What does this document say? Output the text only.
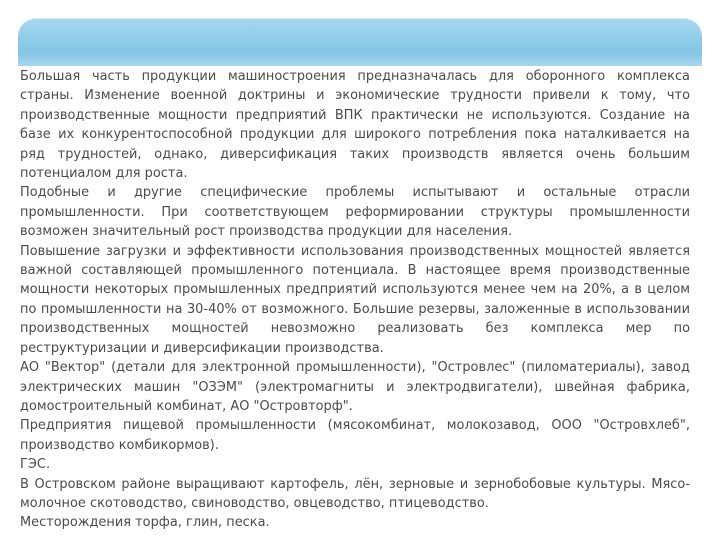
Большая часть продукции машиностроения предназначалась для оборонного комплекса страны. Изменение военной доктрины и экономические трудности привели к тому, что производственные мощности предприятий ВПК практически не используются. Создание на базе их конкурентоспособной продукции для широкого потребления пока наталкивается на ряд трудностей, однако, диверсификация таких производств является очень большим потенциалом для роста.

Подобные и другие специфические проблемы испытывают и остальные отрасли промышленности. При соответствующем реформировании структуры промышленности возможен значительный рост производства продукции для населения.

Повышение загрузки и эффективности использования производственных мощностей является важной составляющей промышленного потенциала. В настоящее время производственные мощности некоторых промышленных предприятий используются менее чем на 20%, а в целом по промышленности на 30-40% от возможного. Большие резервы, заложенные в использовании производственных мощностей невозможно реализовать без комплекса мер по реструктуризации и диверсификации производства.

АО "Вектор" (детали для электронной промышленности), "Островлес" (пиломатериалы), завод электрических машин "ОЗЭМ" (электромагниты и электродвигатели), швейная фабрика, домостроительный комбинат, АО "Островторф".

Предприятия пищевой промышленности (мясокомбинат, молокозавод, ООО "Островхлеб", производство комбикормов).

ГЭС.

В Островском районе выращивают картофель, лён, зерновые и зернобобовые культуры. Мясо-молочное скотоводство, свиноводство, овцеводство, птицеводство.

Месторождения торфа, глин, песка.
